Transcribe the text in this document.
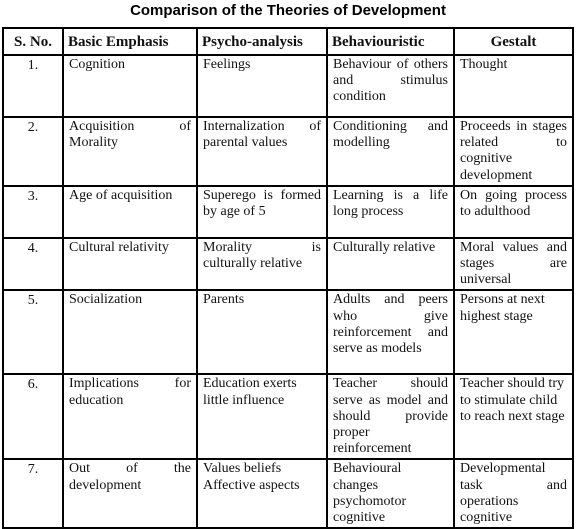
Comparison of the Theories of Development
S. No.	Basic Emphasis	Psycho-analysis	Behaviouristic	Gestalt
1.	Cognition	Feelings	Behaviour of others and stimulus condition	Thought
2.	Acquisition of Morality	Internalization of parental values	Conditioning and modelling	Proceeds in stages related to cognitive development
3.	Age of acquisition	Superego is formed by age of 5	Learning is a life long process	On going process to adulthood
4.	Cultural relativity	Morality is culturally relative	Culturally relative	Moral values and stages are universal
5.	Socialization	Parents	Adults and peers who give reinforcement and serve as models	Persons at next highest stage
6.	Implications for education	Education exerts little influence	Teacher should serve as model and should provide proper reinforcement	Teacher should try to stimulate child to reach next stage
7.	Out of the development	Values beliefs Affective aspects	Behavioural changes psychomotor cognitive	Developmental task and operations cognitive
